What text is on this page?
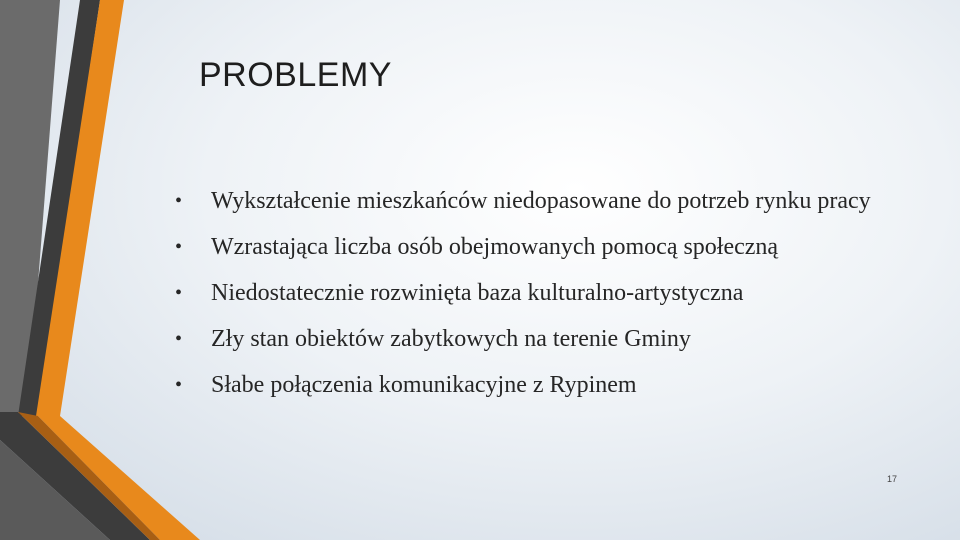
PROBLEMY
• Wykształcenie mieszkańców niedopasowane do potrzeb rynku pracy
• Wzrastająca liczba osób obejmowanych pomocą społeczną
• Niedostatecznie rozwinięta baza kulturalno-artystyczna
• Zły stan obiektów zabytkowych na terenie Gminy
• Słabe połączenia komunikacyjne z Rypinem
17
